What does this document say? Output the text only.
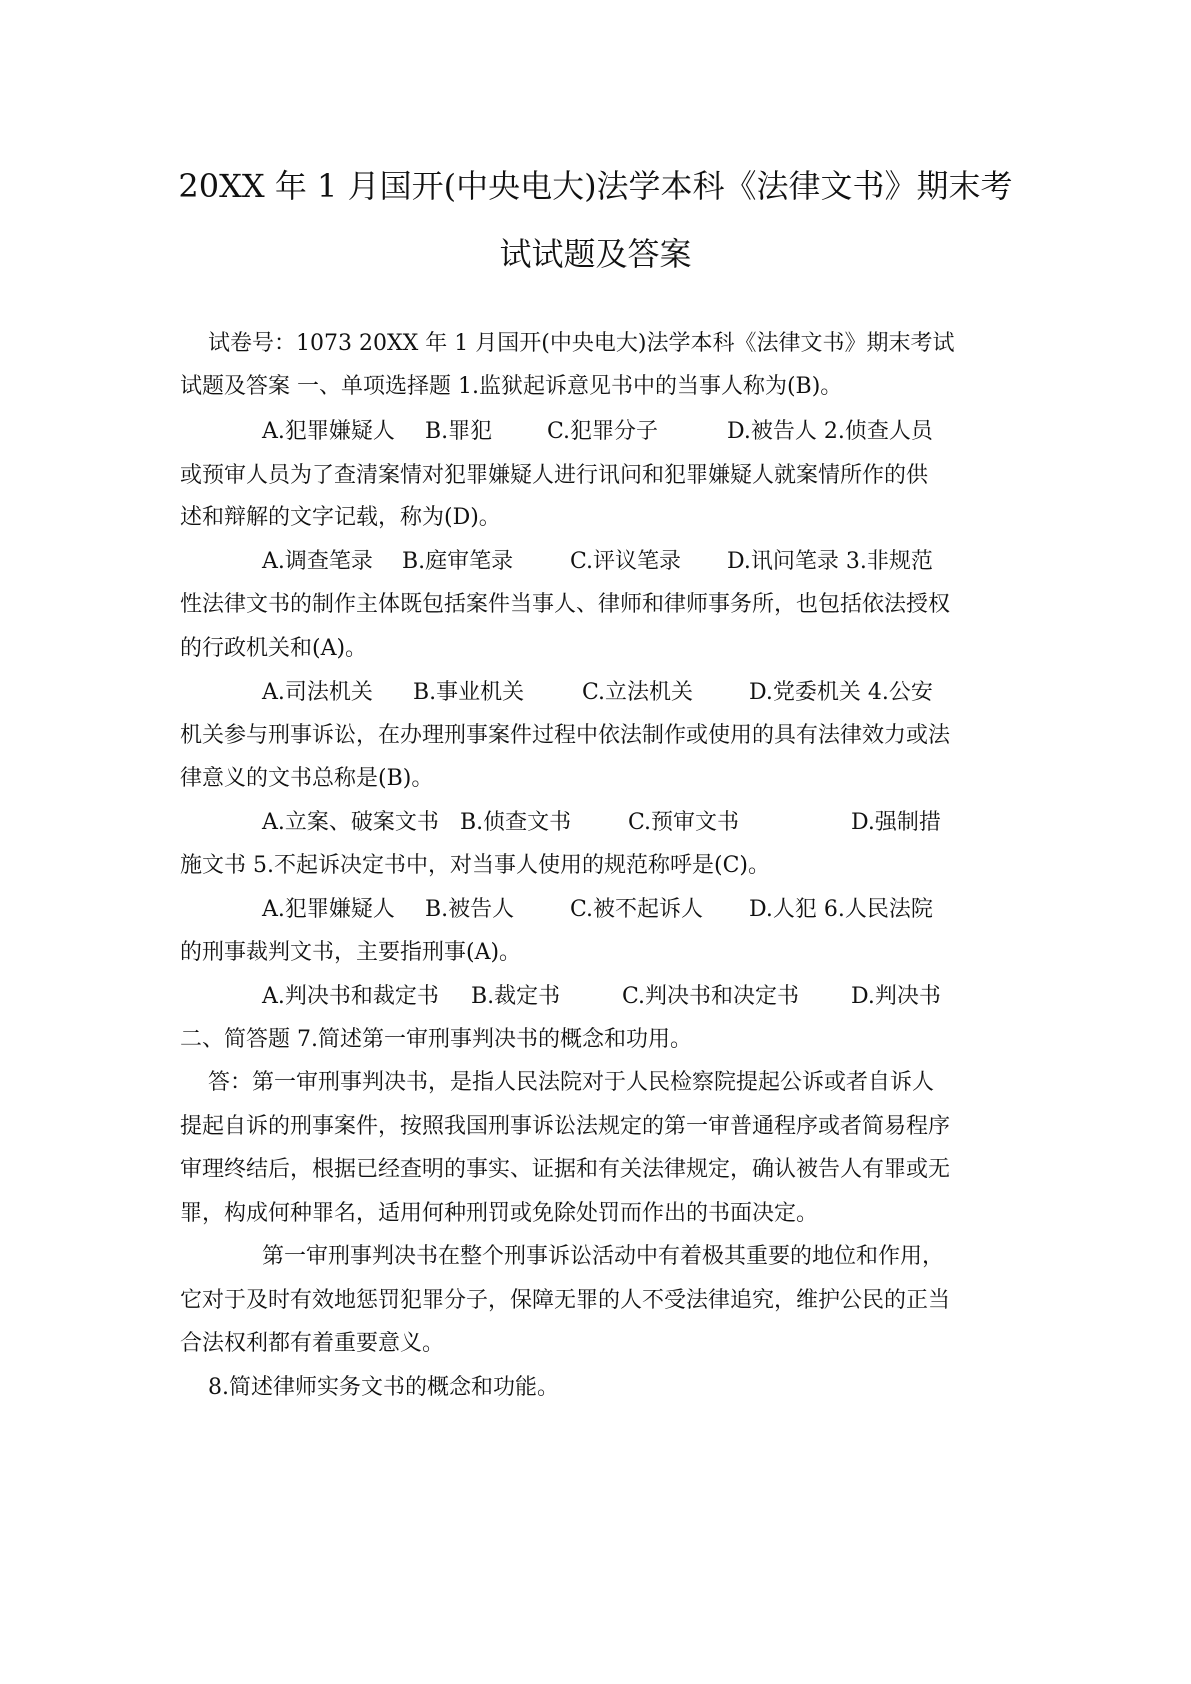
20XX 年 1 月国开(中央电大)法学本科《法律文书》期末考
试试题及答案
试卷号：1073 20XX 年 1 月国开(中央电大)法学本科《法律文书》期末考试
试题及答案 一、单项选择题 1.监狱起诉意见书中的当事人称为(B)。
A.犯罪嫌疑人 B.罪犯 C.犯罪分子	D.被告人 2.侦查人员
或预审人员为了查清案情对犯罪嫌疑人进行讯问和犯罪嫌疑人就案情所作的供
述和辩解的文字记载，称为(D)。
A.调查笔录 B.庭审笔录	C.评议笔录 D.讯问笔录 3.非规范
性法律文书的制作主体既包括案件当事人、律师和律师事务所，也包括依法授权
的行政机关和(A)。
A.司法机关 B.事业机关	C.立法机关	D.党委机关 4.公安
机关参与刑事诉讼，在办理刑事案件过程中依法制作或使用的具有法律效力或法
律意义的文书总称是(B)。
A.立案、破案文书 B.侦查文书	C.预审文书	D.强制措
施文书 5.不起诉决定书中，对当事人使用的规范称呼是(C)。
A.犯罪嫌疑人 B.被告人	C.被不起诉人 D.人犯 6.人民法院
的刑事裁判文书，主要指刑事(A)。
A.判决书和裁定书 B.裁定书	C.判决书和决定书 D.判决书
二、简答题 7.简述第一审刑事判决书的概念和功用。
答：第一审刑事判决书，是指人民法院对于人民检察院提起公诉或者自诉人
提起自诉的刑事案件，按照我国刑事诉讼法规定的第一审普通程序或者简易程序
审理终结后，根据已经查明的事实、证据和有关法律规定，确认被告人有罪或无
罪，构成何种罪名，适用何种刑罚或免除处罚而作出的书面决定。
第一审刑事判决书在整个刑事诉讼活动中有着极其重要的地位和作用，
它对于及时有效地惩罚犯罪分子，保障无罪的人不受法律追究，维护公民的正当
合法权利都有着重要意义。
8.简述律师实务文书的概念和功能。
